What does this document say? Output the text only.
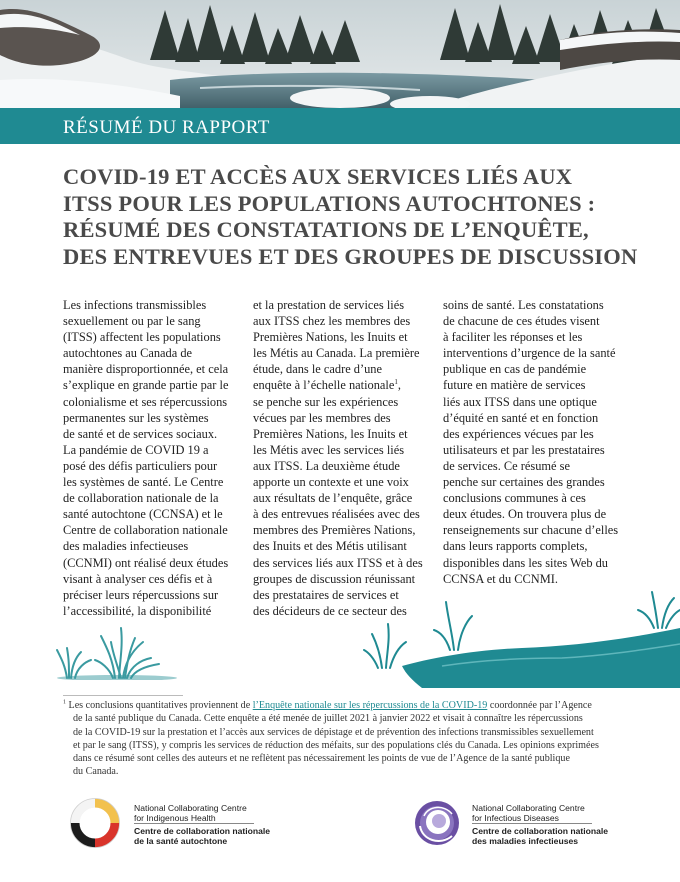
RÉSUMÉ DU RAPPORT
COVID-19 ET ACCÈS AUX SERVICES LIÉS AUX
ITSS POUR LES POPULATIONS AUTOCHTONES :
RÉSUMÉ DES CONSTATATIONS DE L’ENQUÊTE,
DES ENTREVUES ET DES GROUPES DE DISCUSSION
Les infections transmissibles
sexuellement ou par le sang
(ITSS) affectent les populations
autochtones au Canada de
manière disproportionnée, et cela
s’explique en grande partie par le
colonialisme et ses répercussions
permanentes sur les systèmes
de santé et de services sociaux.
La pandémie de COVID 19 a
posé des défis particuliers pour
les systèmes de santé. Le Centre
de collaboration nationale de la
santé autochtone (CCNSA) et le
Centre de collaboration nationale
des maladies infectieuses
(CCNMI) ont réalisé deux études
visant à analyser ces défis et à
préciser leurs répercussions sur
l’accessibilité, la disponibilité
et la prestation de services liés
aux ITSS chez les membres des
Premières Nations, les Inuits et
les Métis au Canada. La première
étude, dans le cadre d’une
enquête à l’échelle nationale$^1$,
se penche sur les expériences
vécues par les membres des
Premières Nations, les Inuits et
les Métis avec les services liés
aux ITSS. La deuxième étude
apporte un contexte et une voix
aux résultats de l’enquête, grâce
à des entrevues réalisées avec des
membres des Premières Nations,
des Inuits et des Métis utilisant
des services liés aux ITSS et à des
groupes de discussion réunissant
des prestataires de services et
des décideurs de ce secteur des
soins de santé. Les constatations
de chacune de ces études visent
à faciliter les réponses et les
interventions d’urgence de la santé
publique en cas de pandémie
future en matière de services
liés aux ITSS dans une optique
d’équité en santé et en fonction
des expériences vécues par les
utilisateurs et par les prestataires
de services. Ce résumé se
penche sur certaines des grandes
conclusions communes à ces
deux études. On trouvera plus de
renseignements sur chacune d’elles
dans leurs rapports complets,
disponibles dans les sites Web du
CCNSA et du CCNMI.
$^1$ Les conclusions quantitatives proviennent de l’Enquête nationale sur les répercussions de la COVID-19 coordonnée par l’Agence
de la santé publique du Canada. Cette enquête a été menée de juillet 2021 à janvier 2022 et visait à connaître les répercussions
de la COVID-19 sur la prestation et l’accès aux services de dépistage et de prévention des infections transmissibles sexuellement
et par le sang (ITSS), y compris les services de réduction des méfaits, sur des populations clés du Canada. Les opinions exprimées
dans ce résumé sont celles des auteurs et ne reflètent pas nécessairement les points de vue de l’Agence de la santé publique
du Canada.
National Collaborating Centre
for Indigenous Health
Centre de collaboration nationale
de la santé autochtone
National Collaborating Centre
for Infectious Diseases
Centre de collaboration nationale
des maladies infectieuses
